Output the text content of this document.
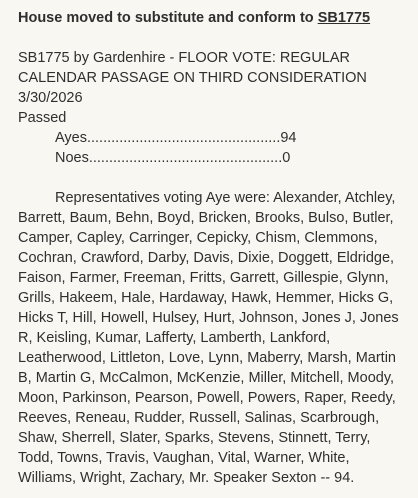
House moved to substitute and conform to SB1775

SB1775 by Gardenhire - FLOOR VOTE: REGULAR

CALENDAR PASSAGE ON THIRD CONSIDERATION

3/30/2026

Passed

Ayes................................................94

Noes................................................0

Representatives voting Aye were: Alexander, Atchley, Barrett, Baum, Behn, Boyd, Bricken, Brooks, Bulso, Butler, Camper, Capley, Carringer, Cepicky, Chism, Clemmons, Cochran, Crawford, Darby, Davis, Dixie, Doggett, Eldridge, Faison, Farmer, Freeman, Fritts, Garrett, Gillespie, Glynn, Grills, Hakeem, Hale, Hardaway, Hawk, Hemmer, Hicks G, Hicks T, Hill, Howell, Hulsey, Hurt, Johnson, Jones J, Jones R, Keisling, Kumar, Lafferty, Lamberth, Lankford, Leatherwood, Littleton, Love, Lynn, Maberry, Marsh, Martin B, Martin G, McCalmon, McKenzie, Miller, Mitchell, Moody, Moon, Parkinson, Pearson, Powell, Powers, Raper, Reedy, Reeves, Reneau, Rudder, Russell, Salinas, Scarbrough, Shaw, Sherrell, Slater, Sparks, Stevens, Stinnett, Terry, Todd, Towns, Travis, Vaughan, Vital, Warner, White, Williams, Wright, Zachary, Mr. Speaker Sexton -- 94.
